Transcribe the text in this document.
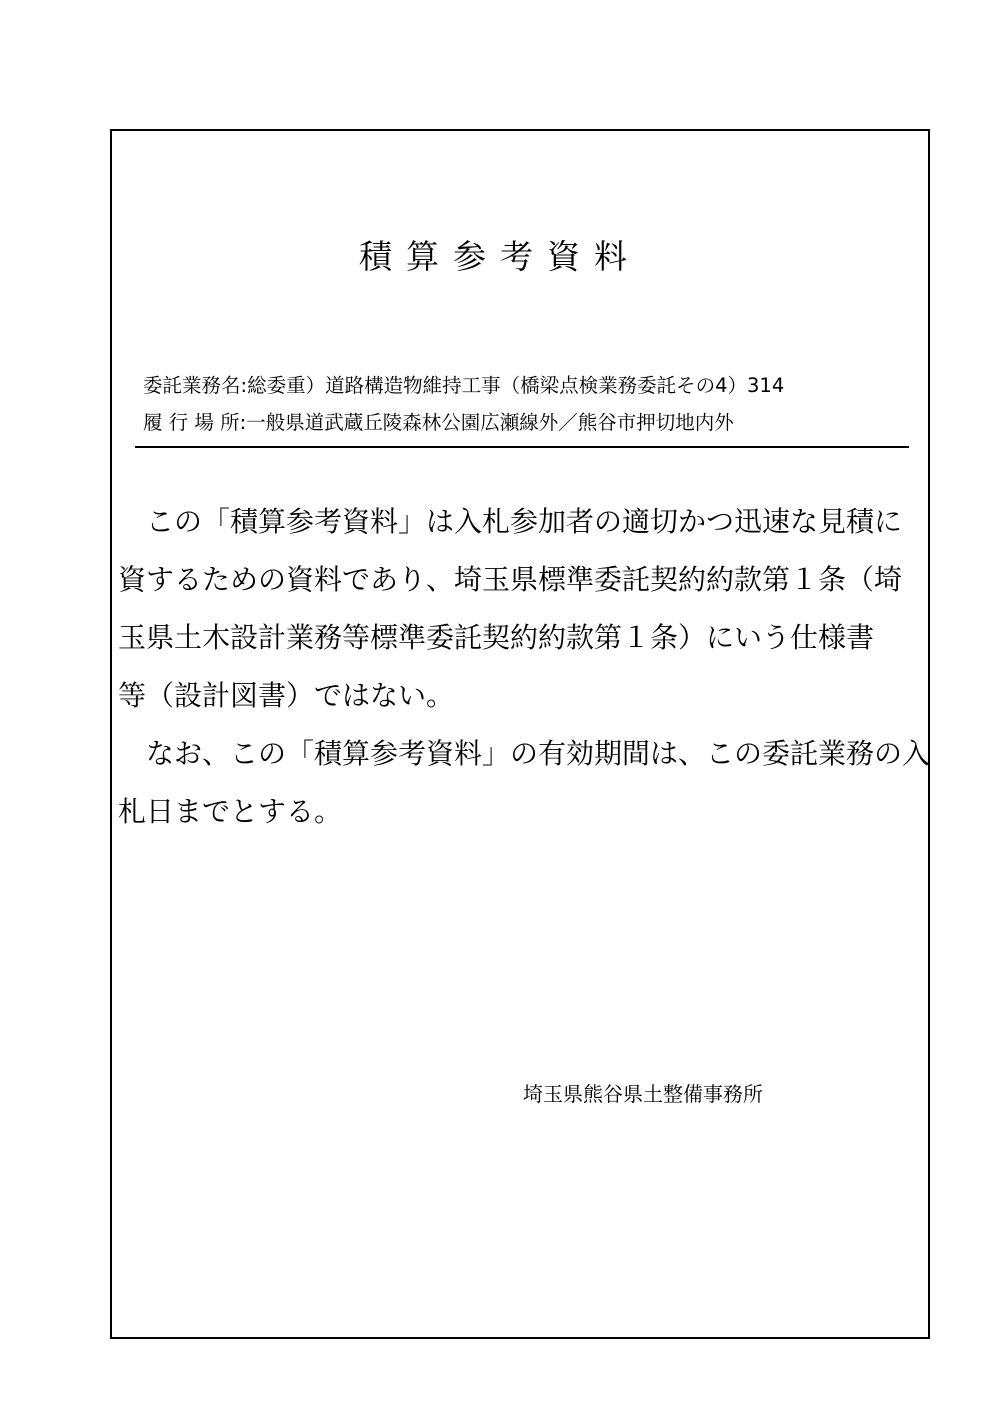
積算参考資料
委託業務名:総委重）道路構造物維持工事（橋梁点検業務委託その4）314
履 行 場 所:一般県道武蔵丘陵森林公園広瀬線外／熊谷市押切地内外

　この「積算参考資料」は入札参加者の適切かつ迅速な見積に
資するための資料であり、埼玉県標準委託契約約款第１条（埼
玉県土木設計業務等標準委託契約約款第１条）にいう仕様書
等（設計図書）ではない。

　なお、この「積算参考資料」の有効期間は、この委託業務の入
札日までとする。

埼玉県熊谷県土整備事務所
